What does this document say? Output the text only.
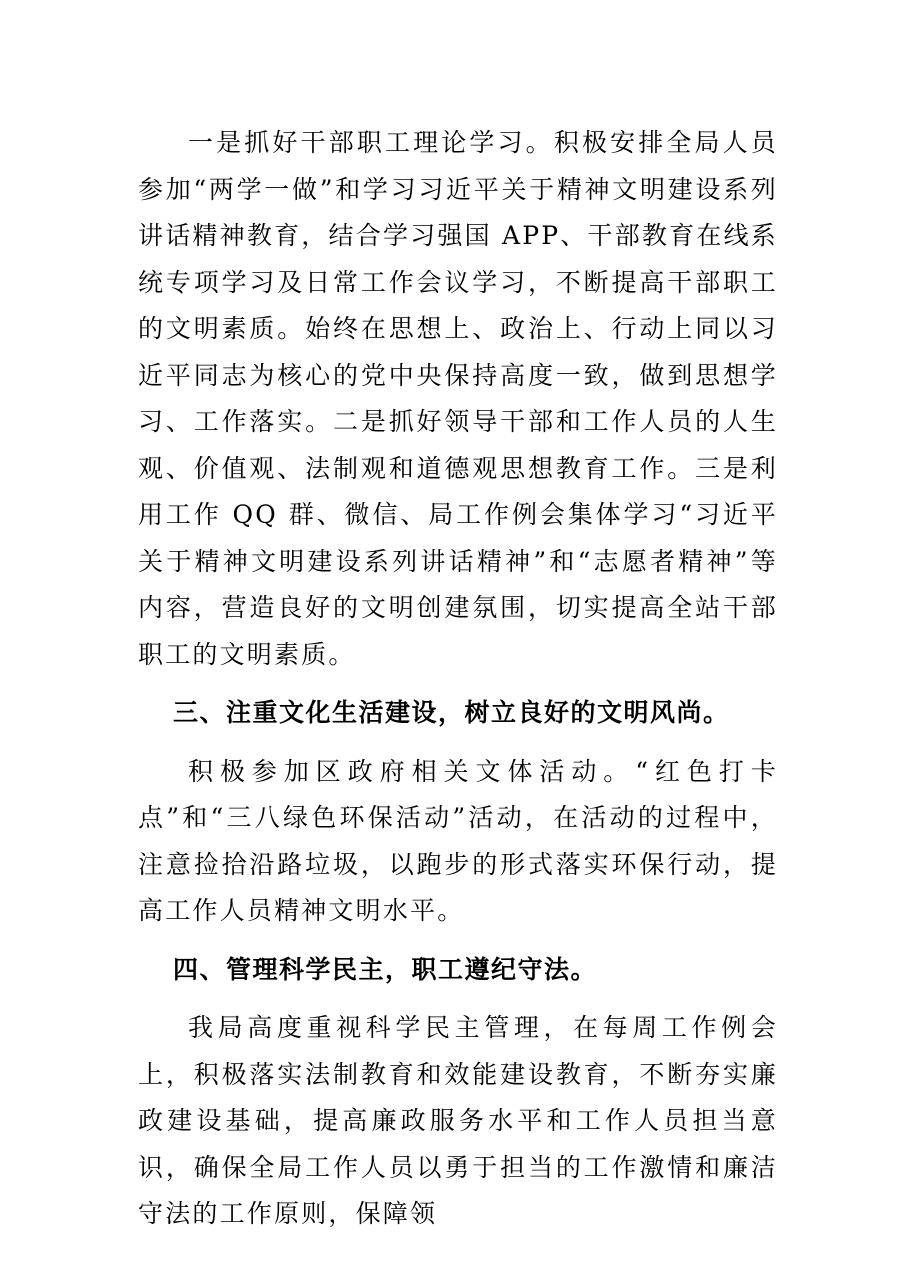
一是抓好干部职工理论学习。积极安排全局人员参加“两学一做”和学习习近平关于精神文明建设系列讲话精神教育，结合学习强国 APP、干部教育在线系统专项学习及日常工作会议学习，不断提高干部职工的文明素质。始终在思想上、政治上、行动上同以习近平同志为核心的党中央保持高度一致，做到思想学习、工作落实。二是抓好领导干部和工作人员的人生观、价值观、法制观和道德观思想教育工作。三是利用工作 QQ 群、微信、局工作例会集体学习“习近平关于精神文明建设系列讲话精神”和“志愿者精神”等内容，营造良好的文明创建氛围，切实提高全站干部职工的文明素质。

三、注重文化生活建设，树立良好的文明风尚。

积极参加区政府相关文体活动。“红色打卡点”和“三八绿色环保活动”活动，在活动的过程中，注意捡拾沿路垃圾，以跑步的形式落实环保行动，提高工作人员精神文明水平。

四、管理科学民主，职工遵纪守法。

我局高度重视科学民主管理，在每周工作例会上，积极落实法制教育和效能建设教育，不断夯实廉政建设基础，提高廉政服务水平和工作人员担当意识，确保全局工作人员以勇于担当的工作激情和廉洁守法的工作原则，保障领
